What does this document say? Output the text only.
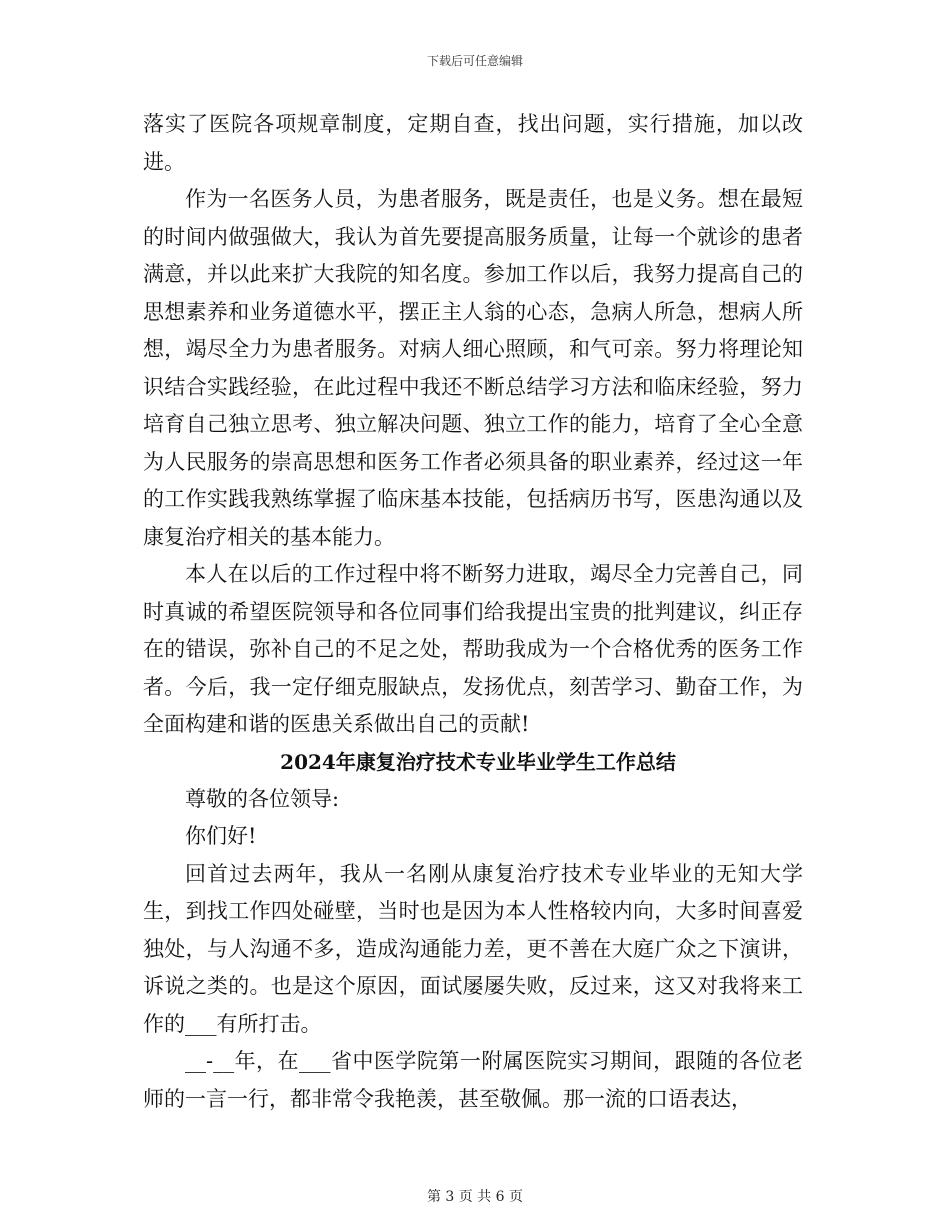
下载后可任意编辑

落实了医院各项规章制度，定期自查，找出问题，实行措施，加以改进。

作为一名医务人员，为患者服务，既是责任，也是义务。想在最短的时间内做强做大，我认为首先要提高服务质量，让每一个就诊的患者满意，并以此来扩大我院的知名度。参加工作以后，我努力提高自己的思想素养和业务道德水平，摆正主人翁的心态，急病人所急，想病人所想，竭尽全力为患者服务。对病人细心照顾，和气可亲。努力将理论知识结合实践经验，在此过程中我还不断总结学习方法和临床经验，努力培育自己独立思考、独立解决问题、独立工作的能力，培育了全心全意为人民服务的崇高思想和医务工作者必须具备的职业素养，经过这一年的工作实践我熟练掌握了临床基本技能，包括病历书写，医患沟通以及康复治疗相关的基本能力。

本人在以后的工作过程中将不断努力进取，竭尽全力完善自己，同时真诚的希望医院领导和各位同事们给我提出宝贵的批判建议，纠正存在的错误，弥补自己的不足之处，帮助我成为一个合格优秀的医务工作者。今后，我一定仔细克服缺点，发扬优点，刻苦学习、勤奋工作，为全面构建和谐的医患关系做出自己的贡献!

2024年康复治疗技术专业毕业学生工作总结

尊敬的各位领导:

你们好!

回首过去两年，我从一名刚从康复治疗技术专业毕业的无知大学生，到找工作四处碰壁，当时也是因为本人性格较内向，大多时间喜爱独处，与人沟通不多，造成沟通能力差，更不善在大庭广众之下演讲，诉说之类的。也是这个原因，面试屡屡失败，反过来，这又对我将来工作的___有所打击。

__-__年，在___省中医学院第一附属医院实习期间，跟随的各位老师的一言一行，都非常令我艳羡，甚至敬佩。那一流的口语表达，

第 3 页 共 6 页
